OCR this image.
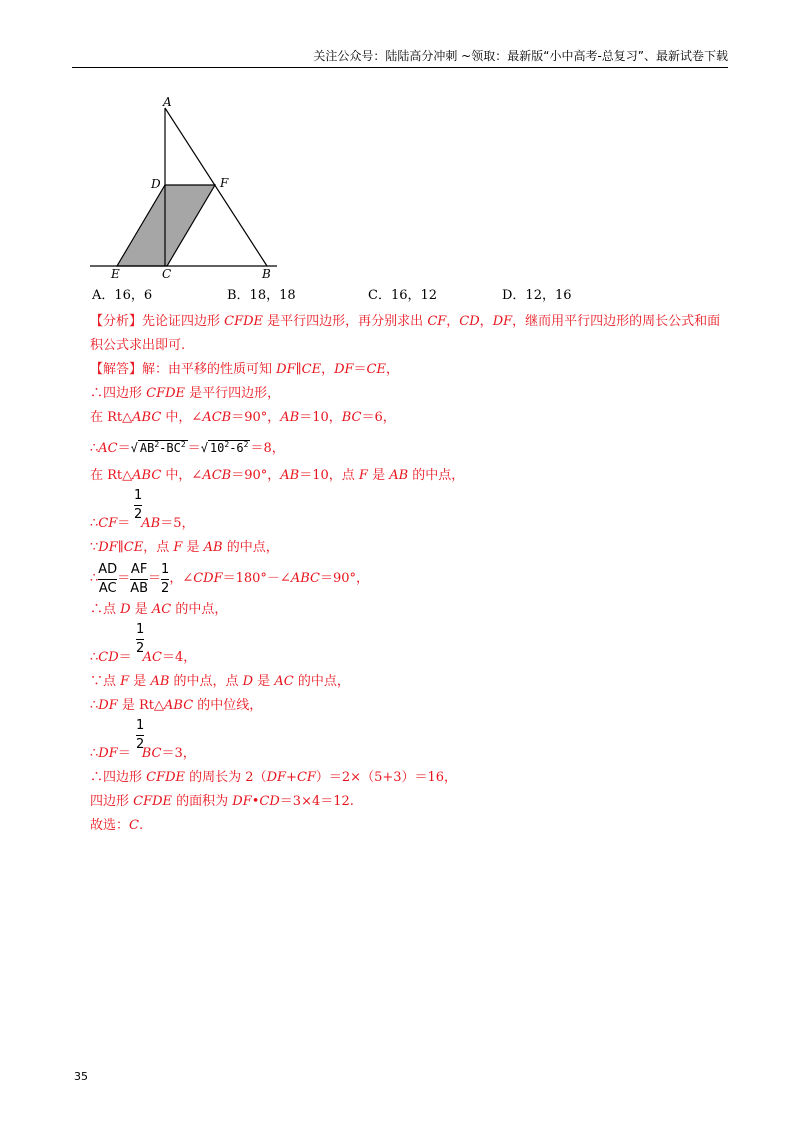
关注公众号：陆陆高分冲刺 ~领取：最新版“小中高考-总复习”、最新试卷下载
A
D	F
E	C	B
A．16，6	B．18，18	C．16，12	D．12，16
【分析】先论证四边形 CFDE 是平行四边形，再分别求出 CF，CD，DF，继而用平行四边形的周长公式和面积公式求出即可.
【解答】解：由平移的性质可知 DF∥CE，DF＝CE，
∴四边形 CFDE 是平行四边形，
在 Rt△ABC 中，∠ACB＝90°，AB＝10，BC＝6，
∴AC＝√ $AB^2-BC^2$ ＝√ $10^2-6^2 =8$，
在 Rt△ABC 中，∠ACB＝90°，AB＝10，点 F 是 AB 的中点，
1
2
∴CF＝ AB＝5，
∵DF∥CE，点 F 是 AB 的中点，
∴ $\frac{AD}{AC} = \frac{AF}{AB} = \frac{1}{2}$ ，∠CDF＝180°－∠ABC＝90°，
∴点 D 是 AC 的中点，
1
2
∴CD＝ AC＝4，
∵点 F 是 AB 的中点，点 D 是 AC 的中点，
∴DF 是 Rt△ABC 的中位线，
1
2
∴DF＝ BC＝3，
∴四边形 CFDE 的周长为 2（DF+CF）＝2×（5+3）＝16，
四边形 CFDE 的面积为 DF•CD＝3×4＝12.
故选：C.
35
